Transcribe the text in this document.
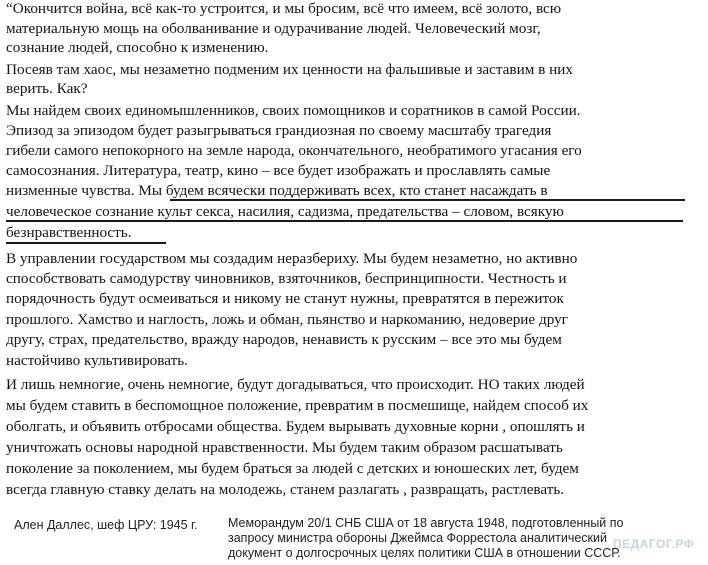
“Окончится война, всё как-то устроится, и мы бросим, всё что имеем, всё золото, всю
материальную мощь на оболванивание и одурачивание людей. Человеческий мозг,
сознание людей, способно к изменению.
Посеяв там хаос, мы незаметно подменим их ценности на фальшивые и заставим в них
верить. Как?
Мы найдем своих единомышленников, своих помощников и соратников в самой России.
Эпизод за эпизодом будет разыгрываться грандиозная по своему масштабу трагедия
гибели самого непокорного на земле народа, окончательного, необратимого угасания его
самосознания. Литература, театр, кино – все будет изображать и прославлять самые
низменные чувства. Мы будем всячески поддерживать всех, кто станет насаждать в
человеческое сознание культ секса, насилия, садизма, предательства – словом, всякую
безнравственность.
В управлении государством мы создадим неразбериху. Мы будем незаметно, но активно
способствовать самодурству чиновников, взяточников, беспринципности. Честность и
порядочность будут осмеиваться и никому не станут нужны, превратятся в пережиток
прошлого. Хамство и наглость, ложь и обман, пьянство и наркоманию, недоверие друг
другу, страх, предательство, вражду народов, ненависть к русским – все это мы будем
настойчиво культивировать.
И лишь немногие, очень немногие, будут догадываться, что происходит. НО таких людей
мы будем ставить в беспомощное положение, превратим в посмешище, найдем способ их
оболгать, и объявить отбросами общества. Будем вырывать духовные корни , опошлять и
уничтожать основы народной нравственности. Мы будем таким образом расшатывать
поколение за поколением, мы будем браться за людей с детских и юношеских лет, будем
всегда главную ставку делать на молодежь, станем разлагать , развращать, растлевать.
Ален Даллес, шеф ЦРУ: 1945 г. Меморандум 20/1 СНБ США от 18 августа 1948, подготовленный по
запросу министра обороны Джеймса Форрестола аналитический
документ о долгосрочных целях политики США в отношении СССР.
ПЕДАГОГ.РФ
